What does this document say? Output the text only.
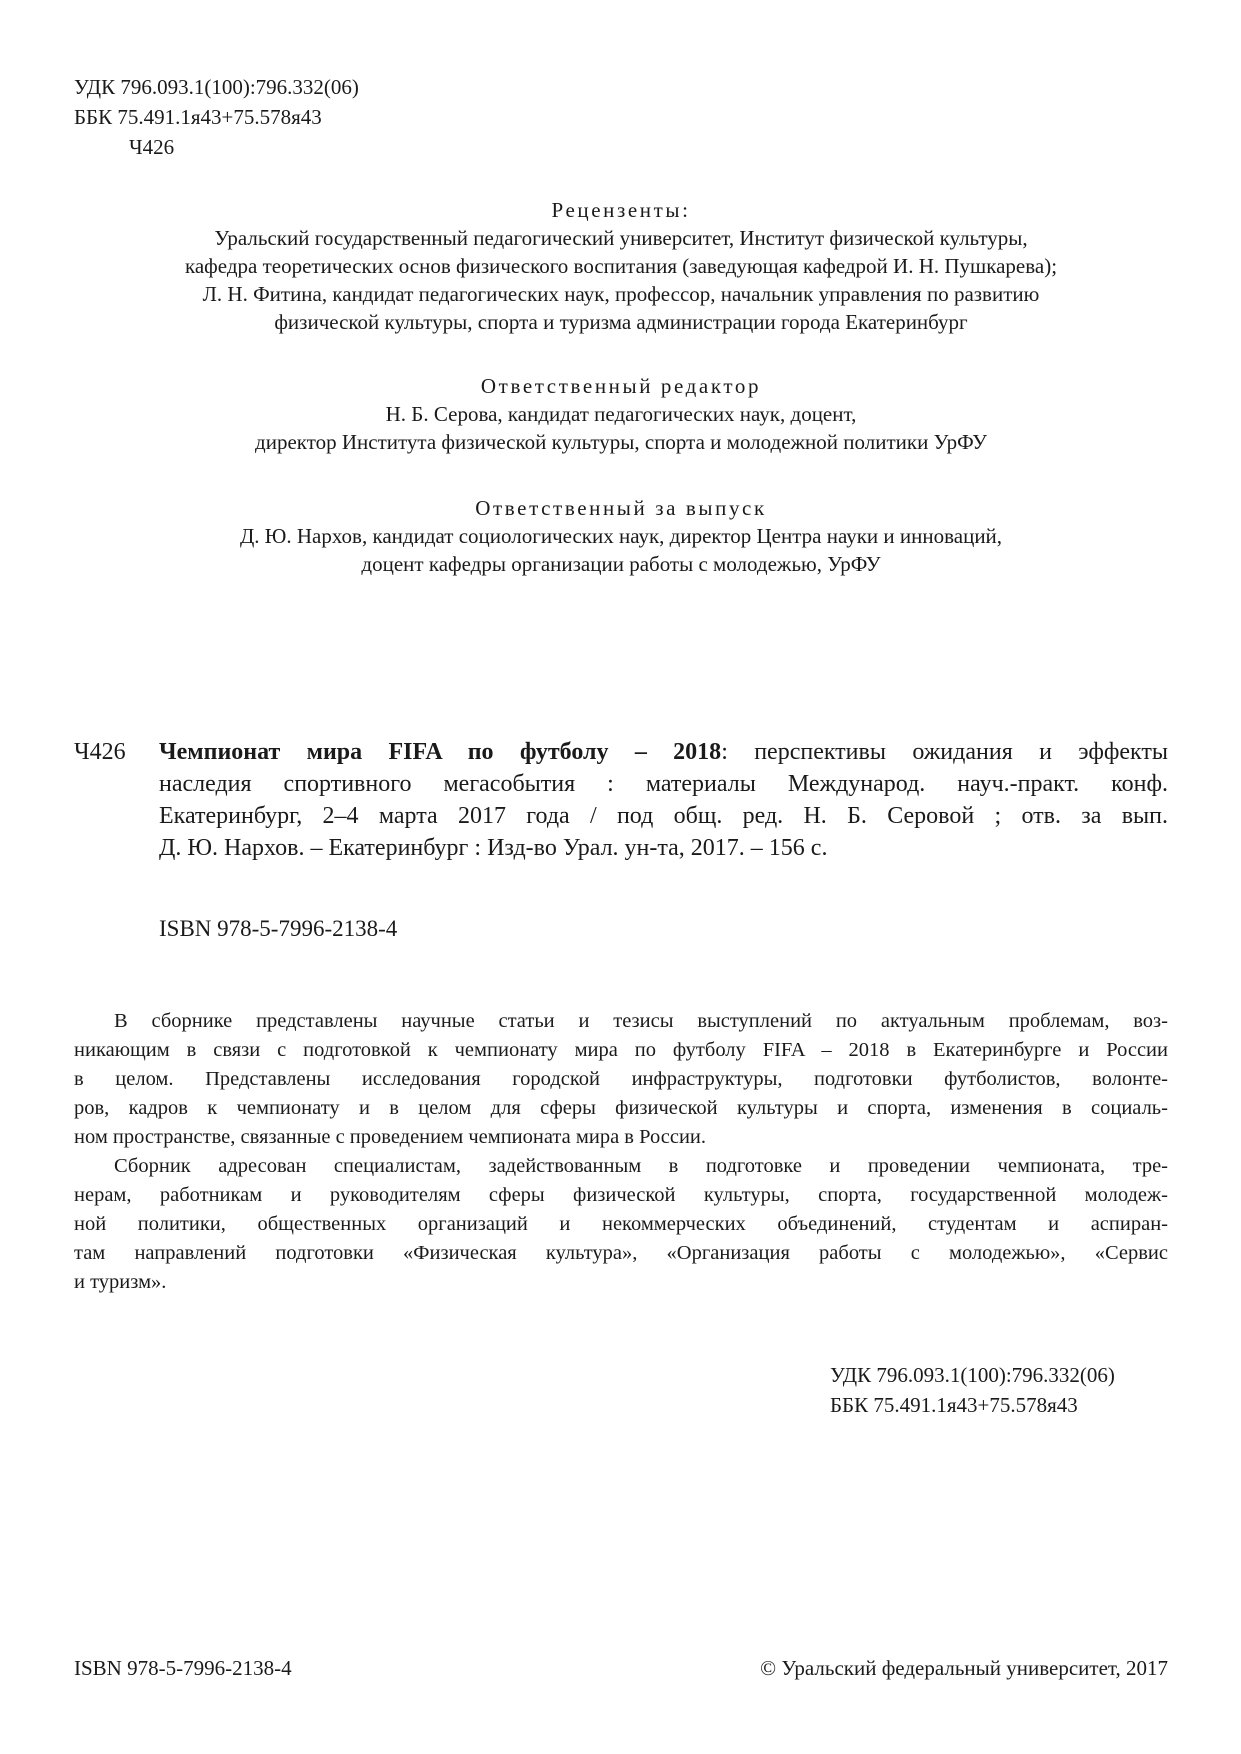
УДК 796.093.1(100):796.332(06)
ББК 75.491.1я43+75.578я43
Ч426
Рецензенты:
Уральский государственный педагогический университет, Институт физической культуры,
кафедра теоретических основ физического воспитания (заведующая кафедрой И. Н. Пушкарева);
Л. Н. Фитина, кандидат педагогических наук, профессор, начальник управления по развитию
физической культуры, спорта и туризма администрации города Екатеринбург
Ответственный редактор
Н. Б. Серова, кандидат педагогических наук, доцент,
директор Института физической культуры, спорта и молодежной политики УрФУ
Ответственный за выпуск
Д. Ю. Нархов, кандидат социологических наук, директор Центра науки и инноваций,
доцент кафедры организации работы с молодежью, УрФУ
Ч426 Чемпионат мира FIFA по футболу – 2018: перспективы ожидания и эффекты
наследия спортивного мегасобытия : материалы Международ. науч.-практ. конф.
Екатеринбург, 2–4 марта 2017 года / под общ. ред. Н. Б. Серовой ; отв. за вып.
Д. Ю. Нархов. – Екатеринбург : Изд-во Урал. ун-та, 2017. – 156 с.
ISBN 978-5-7996-2138-4
В сборнике представлены научные статьи и тезисы выступлений по актуальным проблемам, воз-
никающим в связи с подготовкой к чемпионату мира по футболу FIFA – 2018 в Екатеринбурге и России
в целом. Представлены исследования городской инфраструктуры, подготовки футболистов, волонте-
ров, кадров к чемпионату и в целом для сферы физической культуры и спорта, изменения в социаль-
ном пространстве, связанные с проведением чемпионата мира в России.
Сборник адресован специалистам, задействованным в подготовке и проведении чемпионата, тре-
нерам, работникам и руководителям сферы физической культуры, спорта, государственной молодеж-
ной политики, общественных организаций и некоммерческих объединений, студентам и аспиран-
там направлений подготовки «Физическая культура», «Организация работы с молодежью», «Сервис
и туризм».
УДК 796.093.1(100):796.332(06)
ББК 75.491.1я43+75.578я43
ISBN 978-5-7996-2138-4	© Уральский федеральный университет, 2017
